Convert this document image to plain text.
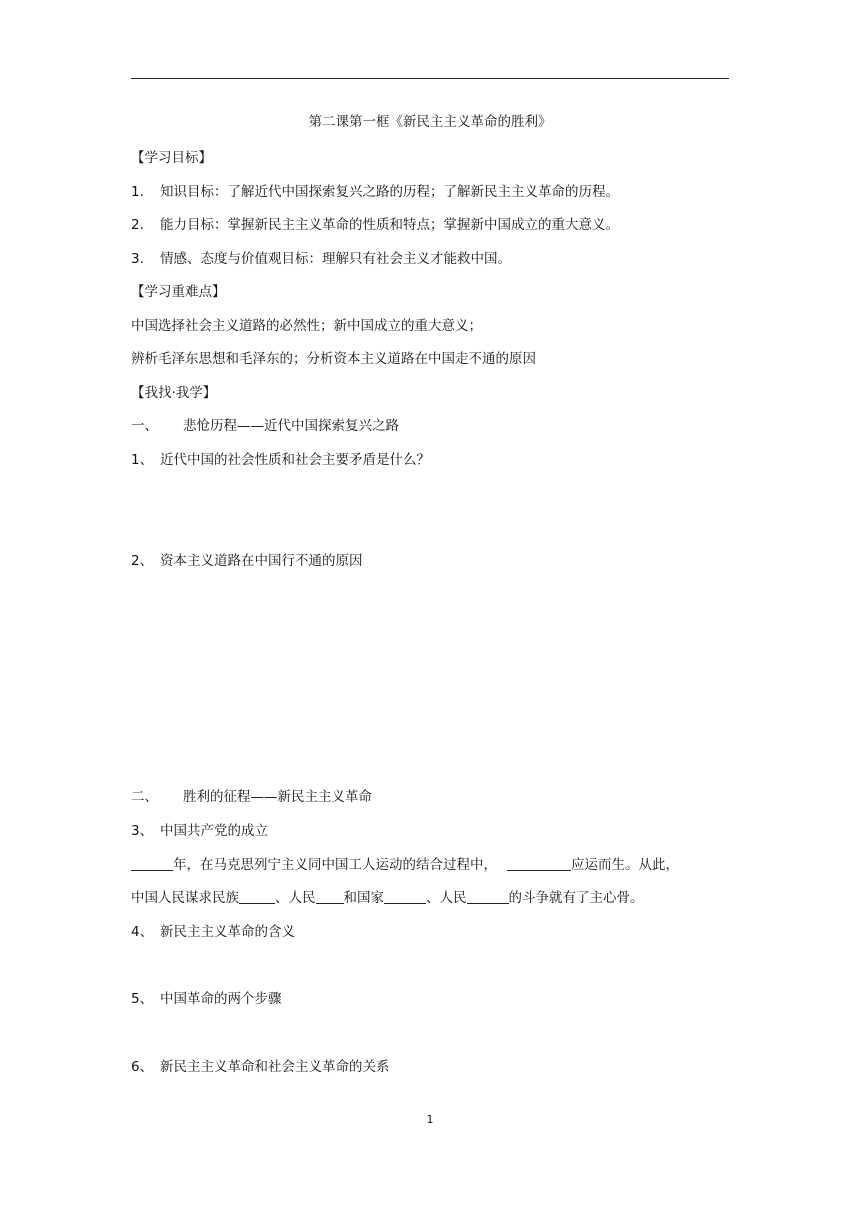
第二课第一框《新民主主义革命的胜利》
【学习目标】
1. 知识目标：了解近代中国探索复兴之路的历程；了解新民主主义革命的历程。
2. 能力目标：掌握新民主主义革命的性质和特点；掌握新中国成立的重大意义。
3. 情感、态度与价值观目标：理解只有社会主义才能救中国。
【学习重难点】
中国选择社会主义道路的必然性；新中国成立的重大意义；
辨析毛泽东思想和毛泽东的；分析资本主义道路在中国走不通的原因
【我找·我学】
一、 悲怆历程——近代中国探索复兴之路
1、 近代中国的社会性质和社会主要矛盾是什么？
2、 资本主义道路在中国行不通的原因
二、 胜利的征程——新民主主义革命
3、 中国共产党的成立
年，在马克思列宁主义同中国工人运动的结合过程中，	应运而生。从此，
中国人民谋求民族	、人民 和国家	、人民	的斗争就有了主心骨。
4、 新民主主义革命的含义
5、 中国革命的两个步骤
6、 新民主主义革命和社会主义革命的关系
1
